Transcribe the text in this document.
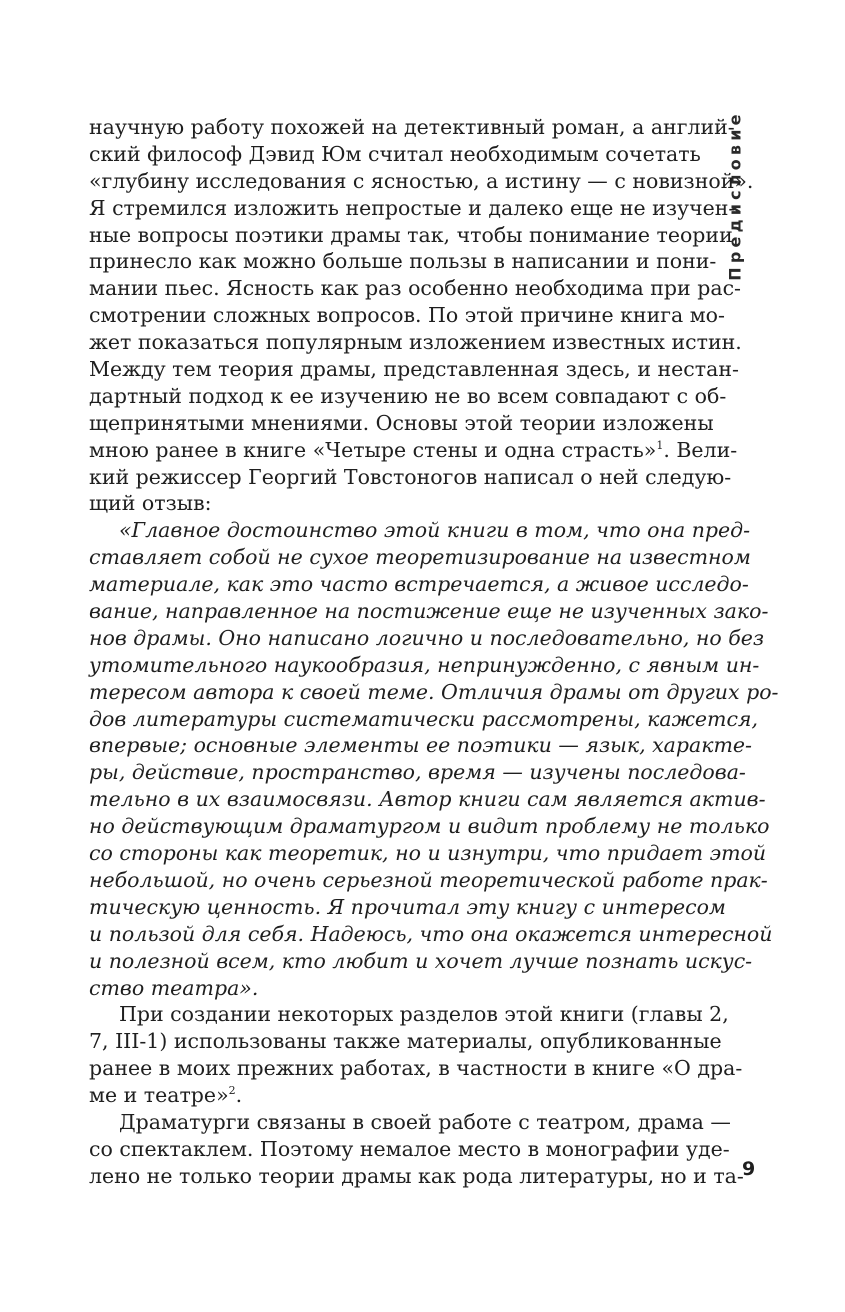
Предисловие
научную работу похожей на детективный роман, а англий-
ский философ Дэвид Юм считал необходимым сочетать
«глубину исследования с ясностью, а истину — с новизной».
Я стремился изложить непростые и далеко еще не изучен-
ные вопросы поэтики драмы так, чтобы понимание теории
принесло как можно больше пользы в написании и пони-
мании пьес. Ясность как раз особенно необходима при рас-
смотрении сложных вопросов. По этой причине книга мо-
жет показаться популярным изложением известных истин.
Между тем теория драмы, представленная здесь, и нестан-
дартный подход к ее изучению не во всем совпадают с об-
щепринятыми мнениями. Основы этой теории изложены
мною ранее в книге «Четыре стены и одна страсть»$^1$. Вели-
кий режиссер Георгий Товстоногов написал о ней следую-
щий отзыв:
«Главное достоинство этой книги в том, что она пред-
ставляет собой не сухое теоретизирование на известном
материале, как это часто встречается, а живое исследо-
вание, направленное на постижение еще не изученных зако-
нов драмы. Оно написано логично и последовательно, но без
утомительного наукообразия, непринужденно, с явным ин-
тересом автора к своей теме. Отличия драмы от других ро-
дов литературы систематически рассмотрены, кажется,
впервые; основные элементы ее поэтики — язык, характе-
ры, действие, пространство, время — изучены последова-
тельно в их взаимосвязи. Автор книги сам является актив-
но действующим драматургом и видит проблему не только
со стороны как теоретик, но и изнутри, что придает этой
небольшой, но очень серьезной теоретической работе прак-
тическую ценность. Я прочитал эту книгу с интересом
и пользой для себя. Надеюсь, что она окажется интересной
и полезной всем, кто любит и хочет лучше познать искус-
ство театра».
При создании некоторых разделов этой книги (главы 2,
7, III-1) использованы также материалы, опубликованные
ранее в моих прежних работах, в частности в книге «О дра-
ме и театре»$^2$.
Драматурги связаны в своей работе с театром, драма —
со спектаклем. Поэтому немалое место в монографии уде-
лено не только теории драмы как рода литературы, но и та-
9
